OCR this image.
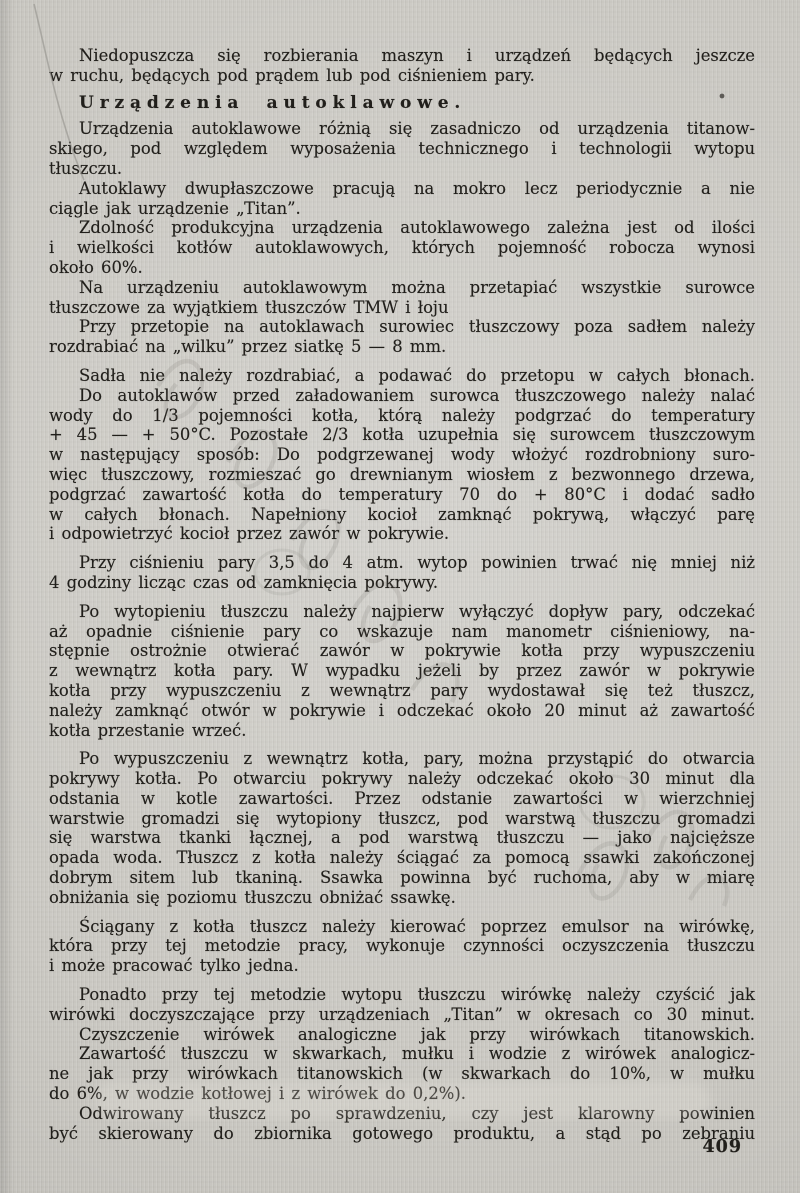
Niedopuszcza się rozbierania maszyn i urządzeń będących jeszcze
w ruchu, będących pod prądem lub pod ciśnieniem pary.
Urządzenia autoklawowe.
Urządzenia autoklawowe różnią się zasadniczo od urządzenia titanow-
skiego, pod względem wyposażenia technicznego i technologii wytopu
tłuszczu.
Autoklawy dwupłaszczowe pracują na mokro lecz periodycznie a nie
ciągle jak urządzenie „Titan”.
Zdolność produkcyjna urządzenia autoklawowego zależna jest od ilości
i wielkości kotłów autoklawowych, których pojemność robocza wynosi
około 60%.
Na urządzeniu autoklawowym można przetapiać wszystkie surowce
tłuszczowe za wyjątkiem tłuszczów TMW i łoju
Przy przetopie na autoklawach surowiec tłuszczowy poza sadłem należy
rozdrabiać na „wilku” przez siatkę 5 — 8 mm.
Sadła nie należy rozdrabiać, a podawać do przetopu w całych błonach.
Do autoklawów przed załadowaniem surowca tłuszczowego należy nalać
wody do 1/3 pojemności kotła, którą należy podgrzać do temperatury
+ 45 — + 50°C. Pozostałe 2/3 kotła uzupełnia się surowcem tłuszczowym
w następujący sposób: Do podgrzewanej wody włożyć rozdrobniony suro-
więc tłuszczowy, rozmieszać go drewnianym wiosłem z bezwonnego drzewa,
podgrzać zawartość kotła do temperatury 70 do + 80°C i dodać sadło
w całych błonach. Napełniony kocioł zamknąć pokrywą, włączyć parę
i odpowietrzyć kocioł przez zawór w pokrywie.
Przy ciśnieniu pary 3,5 do 4 atm. wytop powinien trwać nię mniej niż
4 godziny licząc czas od zamknięcia pokrywy.
Po wytopieniu tłuszczu należy najpierw wyłączyć dopływ pary, odczekać
aż opadnie ciśnienie pary co wskazuje nam manometr ciśnieniowy, na-
stępnie ostrożnie otwierać zawór w pokrywie kotła przy wypuszczeniu
z wewnątrz kotła pary. W wypadku jeżeli by przez zawór w pokrywie
kotła przy wypuszczeniu z wewnątrz pary wydostawał się też tłuszcz,
należy zamknąć otwór w pokrywie i odczekać około 20 minut aż zawartość
kotła przestanie wrzeć.
Po wypuszczeniu z wewnątrz kotła, pary, można przystąpić do otwarcia
pokrywy kotła. Po otwarciu pokrywy należy odczekać około 30 minut dla
odstania w kotle zawartości. Przez odstanie zawartości w wierzchniej
warstwie gromadzi się wytopiony tłuszcz, pod warstwą tłuszczu gromadzi
się warstwa tkanki łącznej, a pod warstwą tłuszczu — jako najcięższe
opada woda. Tłuszcz z kotła należy ściągać za pomocą ssawki zakończonej
dobrym sitem lub tkaniną. Ssawka powinna być ruchoma, aby w miarę
obniżania się poziomu tłuszczu obniżać ssawkę.
Ściągany z kotła tłuszcz należy kierować poprzez emulsor na wirówkę,
która przy tej metodzie pracy, wykonuje czynności oczyszczenia tłuszczu
i może pracować tylko jedna.
Ponadto przy tej metodzie wytopu tłuszczu wirówkę należy czyścić jak
wirówki doczyszczające przy urządzeniach „Titan” w okresach co 30 minut.
Czyszczenie wirówek analogiczne jak przy wirówkach titanowskich.
Zawartość tłuszczu w skwarkach, mułku i wodzie z wirówek analogicz-
ne jak przy wirówkach titanowskich (w skwarkach do 10%, w mułku
do 6%, w wodzie kotłowej i z wirówek do 0,2%).
Odwirowany tłuszcz po sprawdzeniu, czy jest klarowny powinien
być skierowany do zbiornika gotowego produktu, a stąd po zebraniu
409
